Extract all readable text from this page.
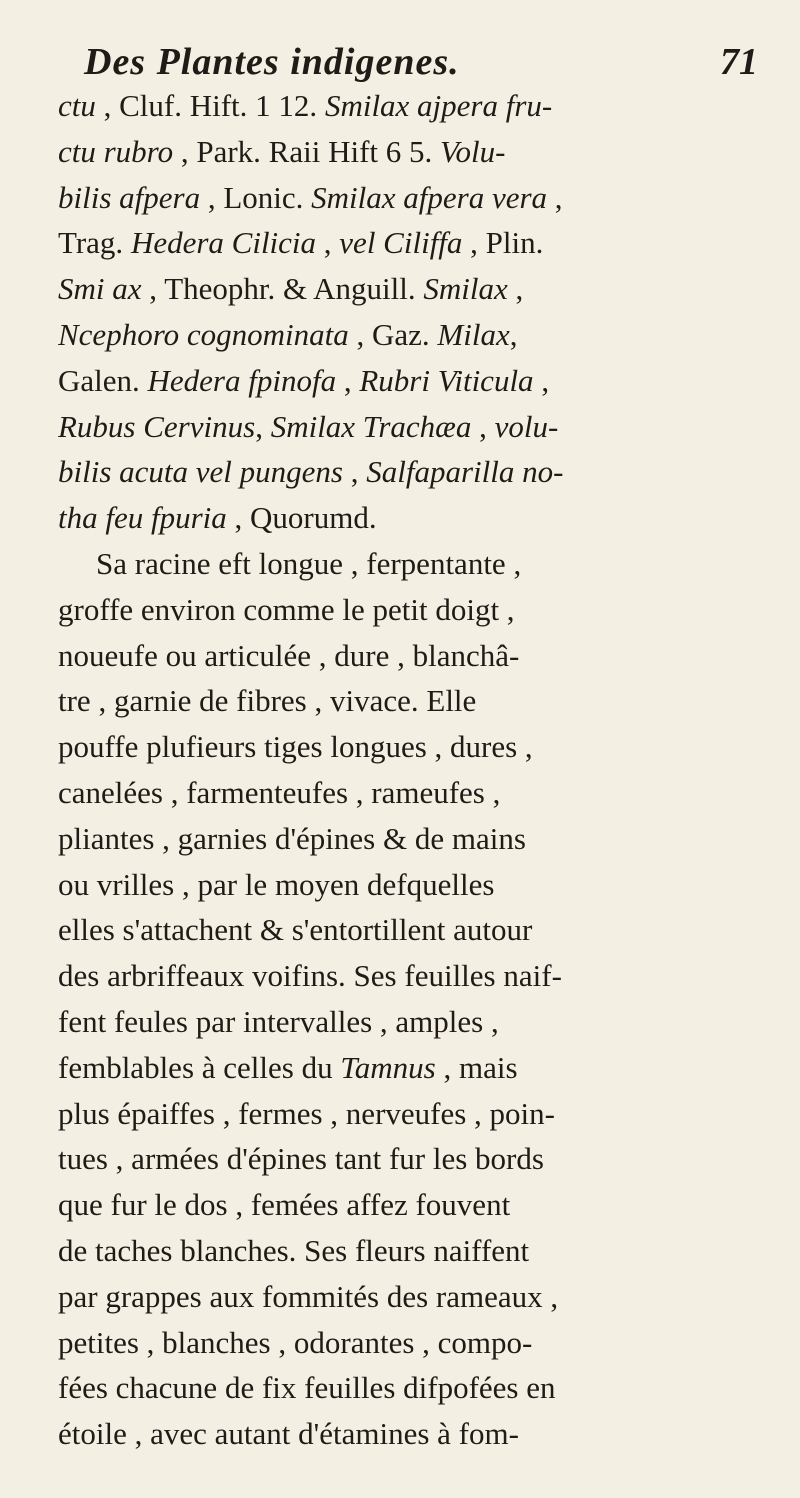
Des Plantes indigenes.	71
ctu , Cluf. Hift. 1 12. Smilax ajpera fru-
ctu rubro , Park. Raii Hift 6 5. Volu-
bilis afpera , Lonic. Smilax afpera vera ,
Trag. Hedera Cilicia , vel Ciliffa , Plin.
Smi ax , Theophr. & Anguill. Smilax ,
Ncephoro cognominata , Gaz. Milax,
Galen. Hedera fpinofa , Rubri Viticula ,
Rubus Cervinus, Smilax Trachæa , volu-
bilis acuta vel pungens , Salfaparilla no-
tha feu fpuria , Quorumd.
Sa racine eft longue , ferpentante ,
groffe environ comme le petit doigt ,
noueufe ou articulée , dure , blanchâ-
tre , garnie de fibres , vivace. Elle
pouffe plufieurs tiges longues , dures ,
canelées , farmenteufes , rameufes ,
pliantes , garnies d'épines & de mains
ou vrilles , par le moyen defquelles
elles s'attachent & s'entortillent autour
des arbriffeaux voifins. Ses feuilles naif-
fent feules par intervalles , amples ,
femblables à celles du Tamnus , mais
plus épaiffes , fermes , nerveufes , poin-
tues , armées d'épines tant fur les bords
que fur le dos , femées affez fouvent
de taches blanches. Ses fleurs naiffent
par grappes aux fommités des rameaux ,
petites , blanches , odorantes , compo-
fées chacune de fix feuilles difpofées en
étoile , avec autant d'étamines à fom-
